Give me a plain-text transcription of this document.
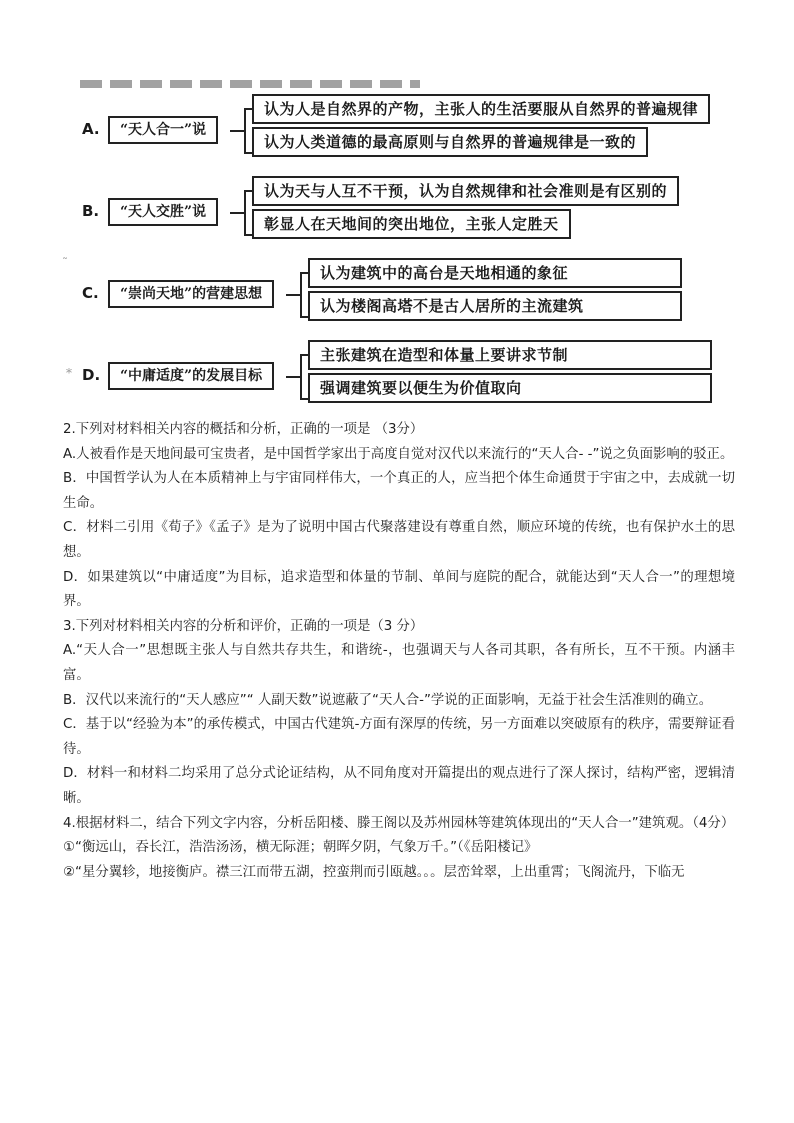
A.	“天人合一”说
认为人是自然界的产物，主张人的生活要服从自然界的普遍规律
认为人类道德的最高原则与自然界的普遍规律是一致的
B.	“天人交胜”说
认为天与人互不干预，认为自然规律和社会准则是有区别的
彰显人在天地间的突出地位，主张人定胜天
˜
C.	“崇尚天地”的营建思想
认为建筑中的高台是天地相通的象征
认为楼阁高塔不是古人居所的主流建筑
* D.	“中庸适度”的发展目标
主张建筑在造型和体量上要讲求节制
强调建筑要以便生为价值取向

2.下列对材料相关内容的概括和分析，正确的一项是 （3分）

A.人被看作是天地间最可宝贵者，是中国哲学家出于高度自觉对汉代以来流行的“天人合- -”说之负面影响的驳正。

B．中国哲学认为人在本质精神上与宇宙同样伟大，一个真正的人，应当把个体生命通贯于宇宙之中，去成就一切生命。

C．材料二引用《荀子》《孟子》是为了说明中国古代聚落建设有尊重自然，顺应环境的传统，也有保护水土的思想。

D．如果建筑以“中庸适度”为目标，追求造型和体量的节制、单间与庭院的配合，就能达到“天人合一”的理想境界。

3.下列对材料相关内容的分析和评价，正确的一项是（3 分）

A.“天人合一”思想既主张人与自然共存共生，和谐统-，也强调天与人各司其职，各有所长，互不干预。内涵丰富。

B．汉代以来流行的“天人感应”“ 人副天数”说遮蔽了“天人合-”学说的正面影响，无益于社会生活准则的确立。

C．基于以“经验为本”的承传模式，中国古代建筑-方面有深厚的传统，另一方面难以突破原有的秩序，需要辩证看待。

D．材料一和材料二均采用了总分式论证结构，从不同角度对开篇提出的观点进行了深人探讨，结构严密，逻辑清晰。

4.根据材料二，结合下列文字内容，分析岳阳楼、滕王阁以及苏州园林等建筑体现出的“天人合一”建筑观。（4分）

①“衡远山，吞长江，浩浩汤汤，横无际涯；朝晖夕阴，气象万千。”（《岳阳楼记》

②“星分翼轸，地接衡庐。襟三江而带五湖，控蛮荆而引瓯越。。。层峦耸翠，上出重霄；飞阁流丹，下临无
